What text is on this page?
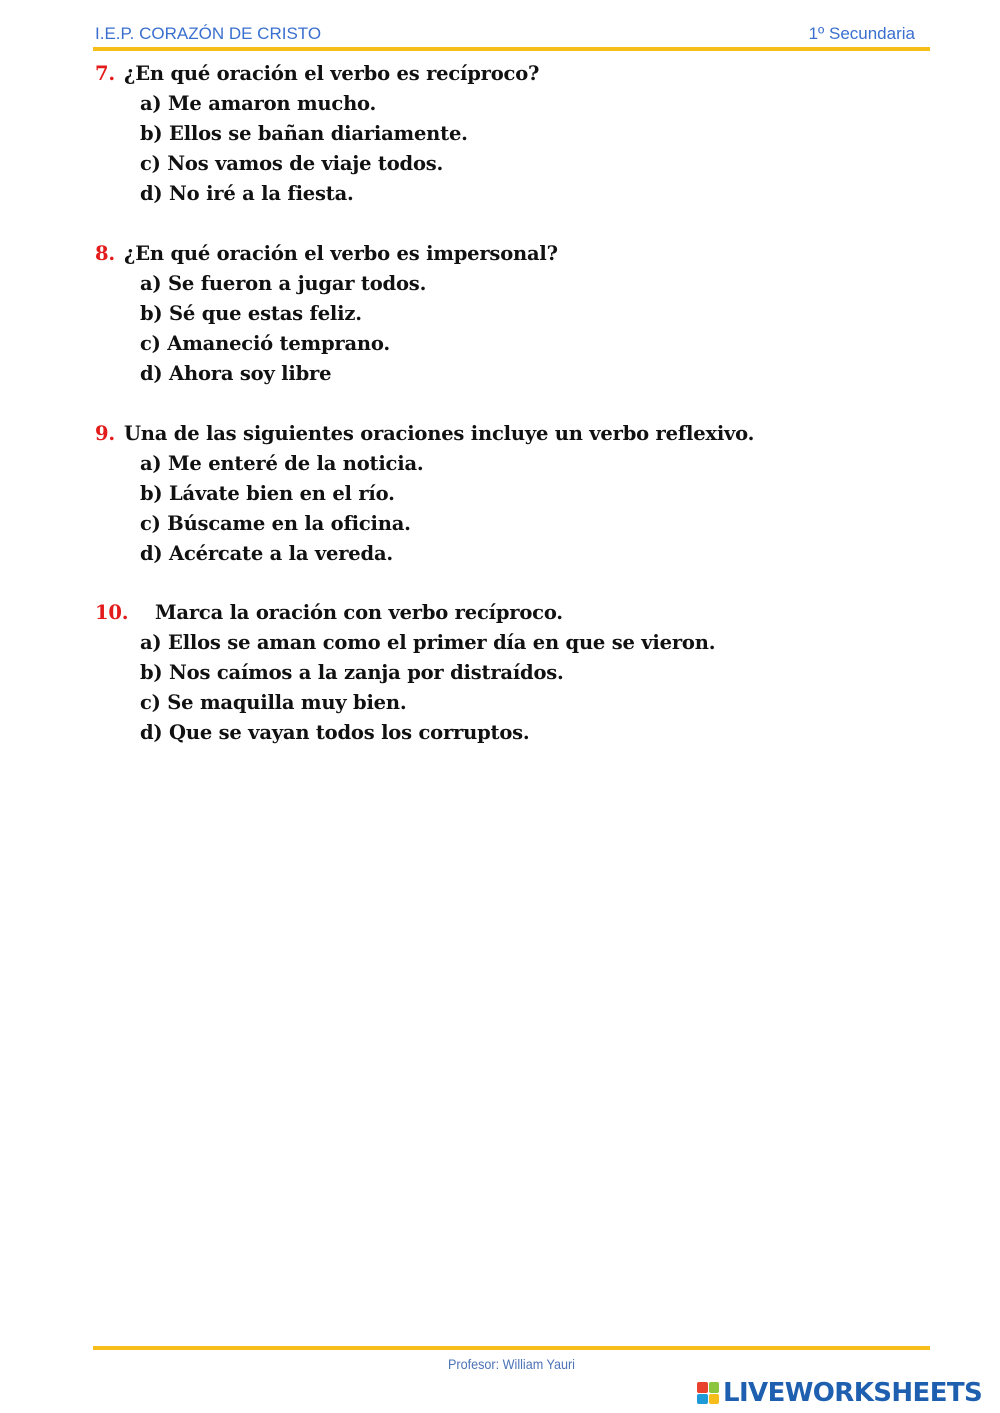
I.E.P. CORAZÓN DE CRISTO	1º Secundaria
7. ¿En qué oración el verbo es recíproco?
a) Me amaron mucho.
b) Ellos se bañan diariamente.
c) Nos vamos de viaje todos.
d) No iré a la fiesta.
8. ¿En qué oración el verbo es impersonal?
a) Se fueron a jugar todos.
b) Sé que estas feliz.
c) Amaneció temprano.
d) Ahora soy libre
9. Una de las siguientes oraciones incluye un verbo reflexivo.
a) Me enteré de la noticia.
b) Lávate bien en el río.
c) Búscame en la oficina.
d) Acércate a la vereda.
10. Marca la oración con verbo recíproco.
a) Ellos se aman como el primer día en que se vieron.
b) Nos caímos a la zanja por distraídos.
c) Se maquilla muy bien.
d) Que se vayan todos los corruptos.
Profesor: William Yauri
LIVEWORKSHEETS
